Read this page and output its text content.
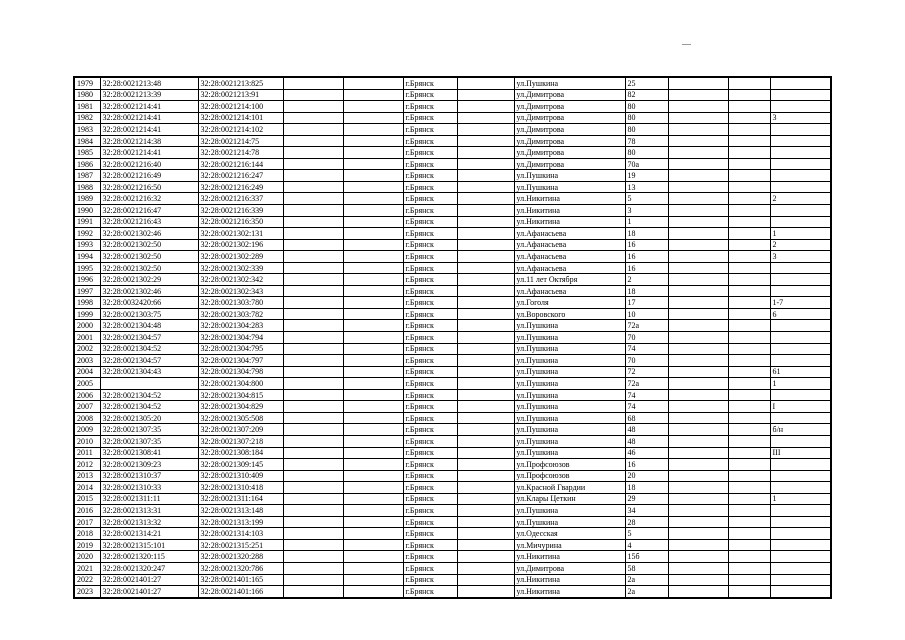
1979	32:28:0021213:48	32:28:0021213:825			г.Брянск		ул.Пушкина	25			
1980	32:28:0021213:39	32:28:0021213:91			г.Брянск		ул.Димитрова	82			
1981	32:28:0021214:41	32:28:0021214:100			г.Брянск		ул.Димитрова	80			
1982	32:28:0021214:41	32:28:0021214:101			г.Брянск		ул.Димитрова	80			3
1983	32:28:0021214:41	32:28:0021214:102			г.Брянск		ул.Димитрова	80			
1984	32:28:0021214:38	32:28:0021214:75			г.Брянск		ул.Димитрова	78			
1985	32:28:0021214:41	32:28:0021214:78			г.Брянск		ул.Димитрова	80			
1986	32:28:0021216:40	32:28:0021216:144			г.Брянск		ул.Димитрова	70а			
1987	32:28:0021216:49	32:28:0021216:247			г.Брянск		ул.Пушкина	19			
1988	32:28:0021216:50	32:28:0021216:249			г.Брянск		ул.Пушкина	13			
1989	32:28:0021216:32	32:28:0021216:337			г.Брянск		ул.Никитина	5			2
1990	32:28:0021216:47	32:28:0021216:339			г.Брянск		ул.Никитина	3			
1991	32:28:0021216:43	32:28:0021216:350			г.Брянск		ул.Никитина	1			
1992	32:28:0021302:46	32:28:0021302:131			г.Брянск		ул.Афанасьева	18			1
1993	32:28:0021302:50	32:28:0021302:196			г.Брянск		ул.Афанасьева	16			2
1994	32:28:0021302:50	32:28:0021302:289			г.Брянск		ул.Афанасьева	16			3
1995	32:28:0021302:50	32:28:0021302:339			г.Брянск		ул.Афанасьева	16			
1996	32:28:0021302:29	32:28:0021302:342			г.Брянск		ул.11 лет Октября	2			
1997	32:28:0021302:46	32:28:0021302:343			г.Брянск		ул.Афанасьева	18			
1998	32:28:0032420:66	32:28:0021303:780			г.Брянск		ул.Гоголя	17			1-7
1999	32:28:0021303:75	32:28:0021303:782			г.Брянск		ул.Воровского	10			6
2000	32:28:0021304:48	32:28:0021304:283			г.Брянск		ул.Пушкина	72а			
2001	32:28:0021304:57	32:28:0021304:794			г.Брянск		ул.Пушкина	70			
2002	32:28:0021304:52	32:28:0021304:795			г.Брянск		ул.Пушкина	74			
2003	32:28:0021304:57	32:28:0021304:797			г.Брянск		ул.Пушкина	70			
2004	32:28:0021304:43	32:28:0021304:798			г.Брянск		ул.Пушкина	72			61
2005		32:28:0021304:800			г.Брянск		ул.Пушкина	72а			1
2006	32:28:0021304:52	32:28:0021304:815			г.Брянск		ул.Пушкина	74			
2007	32:28:0021304:52	32:28:0021304:829			г.Брянск		ул.Пушкина	74			I
2008	32:28:0021305:20	32:28:0021305:508			г.Брянск		ул.Пушкина	68			
2009	32:28:0021307:35	32:28:0021307:209			г.Брянск		ул.Пушкина	48			б/н
2010	32:28:0021307:35	32:28:0021307:218			г.Брянск		ул.Пушкина	48			
2011	32:28:0021308:41	32:28:0021308:184			г.Брянск		ул.Пушкина	46			III
2012	32:28:0021309:23	32:28:0021309:145			г.Брянск		ул.Профсоюзов	16			
2013	32:28:0021310:37	32:28:0021310:409			г.Брянск		ул.Профсоюзов	20			
2014	32:28:0021310:33	32:28:0021310:418			г.Брянск		ул.Красной Гвардии	18			
2015	32:28:0021311:11	32:28:0021311:164			г.Брянск		ул.Клары Цеткин	29			1
2016	32:28:0021313:31	32:28:0021313:148			г.Брянск		ул.Пушкина	34			
2017	32:28:0021313:32	32:28:0021313:199			г.Брянск		ул.Пушкина	28			
2018	32:28:0021314:21	32:28:0021314:103			г.Брянск		ул.Одесская	5			
2019	32:28:0021315:101	32:28:0021315:251			г.Брянск		ул.Мичурина	4			
2020	32:28:0021320:115	32:28:0021320:288			г.Брянск		ул.Никитина	15б			
2021	32:28:0021320:247	32:28:0021320:786			г.Брянск		ул.Димитрова	58			
2022	32:28:0021401:27	32:28:0021401:165			г.Брянск		ул.Никитина	2а			
2023	32:28:0021401:27	32:28:0021401:166			г.Брянск		ул.Никитина	2а			
